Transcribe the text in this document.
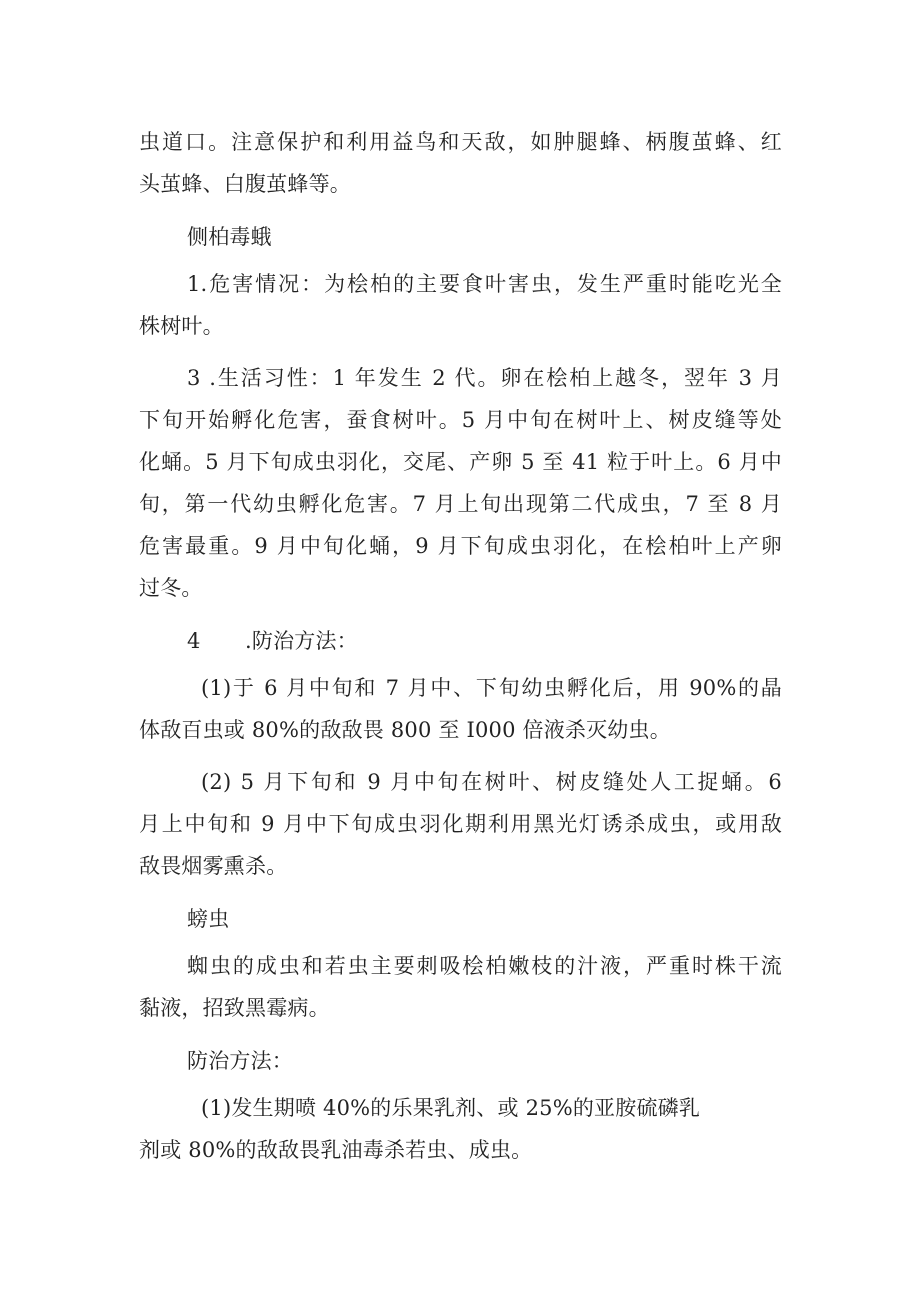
虫道口。注意保护和利用益鸟和天敌，如肿腿蜂、柄腹茧蜂、红
头茧蜂、白腹茧蜂等。
侧柏毒蛾
1.危害情况：为桧柏的主要食叶害虫，发生严重时能吃光全
株树叶。
3 .生活习性：1 年发生 2 代。卵在桧柏上越冬，翌年 3 月
下旬开始孵化危害，蚕食树叶。5 月中旬在树叶上、树皮缝等处
化蛹。5 月下旬成虫羽化，交尾、产卵 5 至 41 粒于叶上。6 月中
旬，第一代幼虫孵化危害。7 月上旬出现第二代成虫，7 至 8 月
危害最重。9 月中旬化蛹，9 月下旬成虫羽化，在桧柏叶上产卵
过冬。
4 .防治方法：
(1)于 6 月中旬和 7 月中、下旬幼虫孵化后，用 90%的晶
体敌百虫或 80%的敌敌畏 800 至 I000 倍液杀灭幼虫。
(2) 5 月下旬和 9 月中旬在树叶、树皮缝处人工捉蛹。6
月上中旬和 9 月中下旬成虫羽化期利用黑光灯诱杀成虫，或用敌
敌畏烟雾熏杀。
螃虫
蜘虫的成虫和若虫主要刺吸桧柏嫩枝的汁液，严重时株干流
黏液，招致黑霉病。
防治方法：
(1)发生期喷 40%的乐果乳剂、或 25%的亚胺硫磷乳
剂或 80%的敌敌畏乳油毒杀若虫、成虫。
